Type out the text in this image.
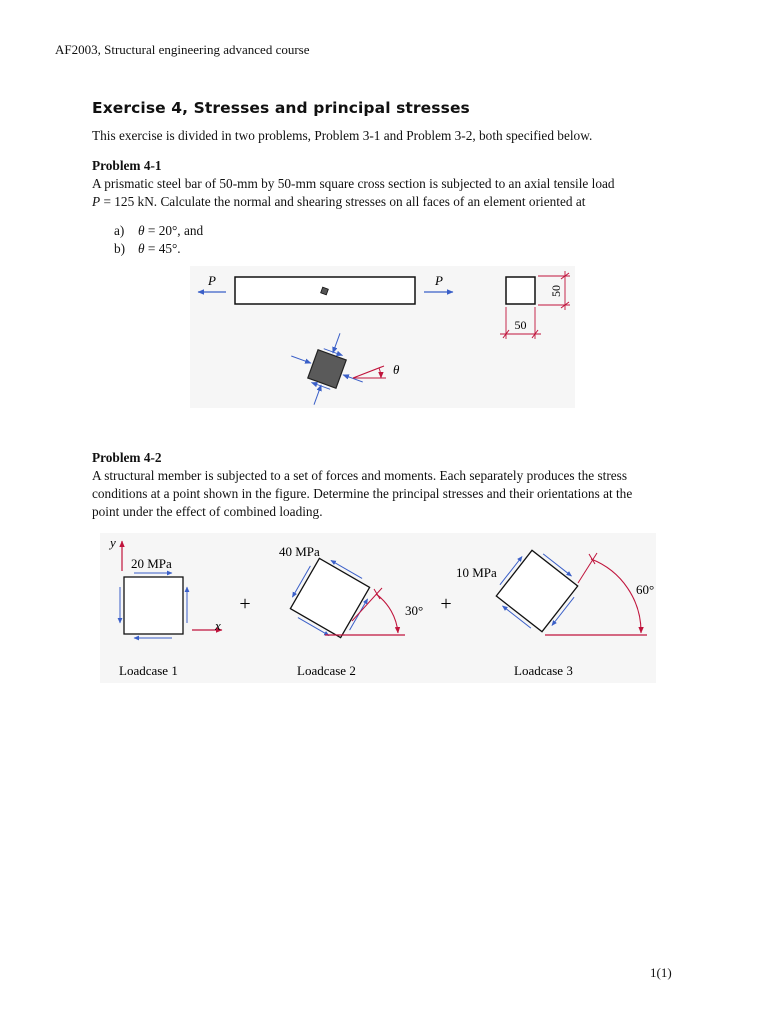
AF2003, Structural engineering advanced course
Exercise 4, Stresses and principal stresses
This exercise is divided in two problems, Problem 3-1 and Problem 3-2, both specified below.
Problem 4-1
A prismatic steel bar of 50-mm by 50-mm square cross section is subjected to an axial tensile load
P = 125 kN. Calculate the normal and shearing stresses on all faces of an element oriented at
a) θ = 20°, and
b) θ = 45°.
P	P
50
50
θ
Problem 4-2
A structural member is subjected to a set of forces and moments. Each separately produces the stress
conditions at a point shown in the figure. Determine the principal stresses and their orientations at the
point under the effect of combined loading.
y
x
20 MPa
Loadcase 1
+
40 MPa
30°
Loadcase 2
+
10 MPa
60°
Loadcase 3
1(1)
